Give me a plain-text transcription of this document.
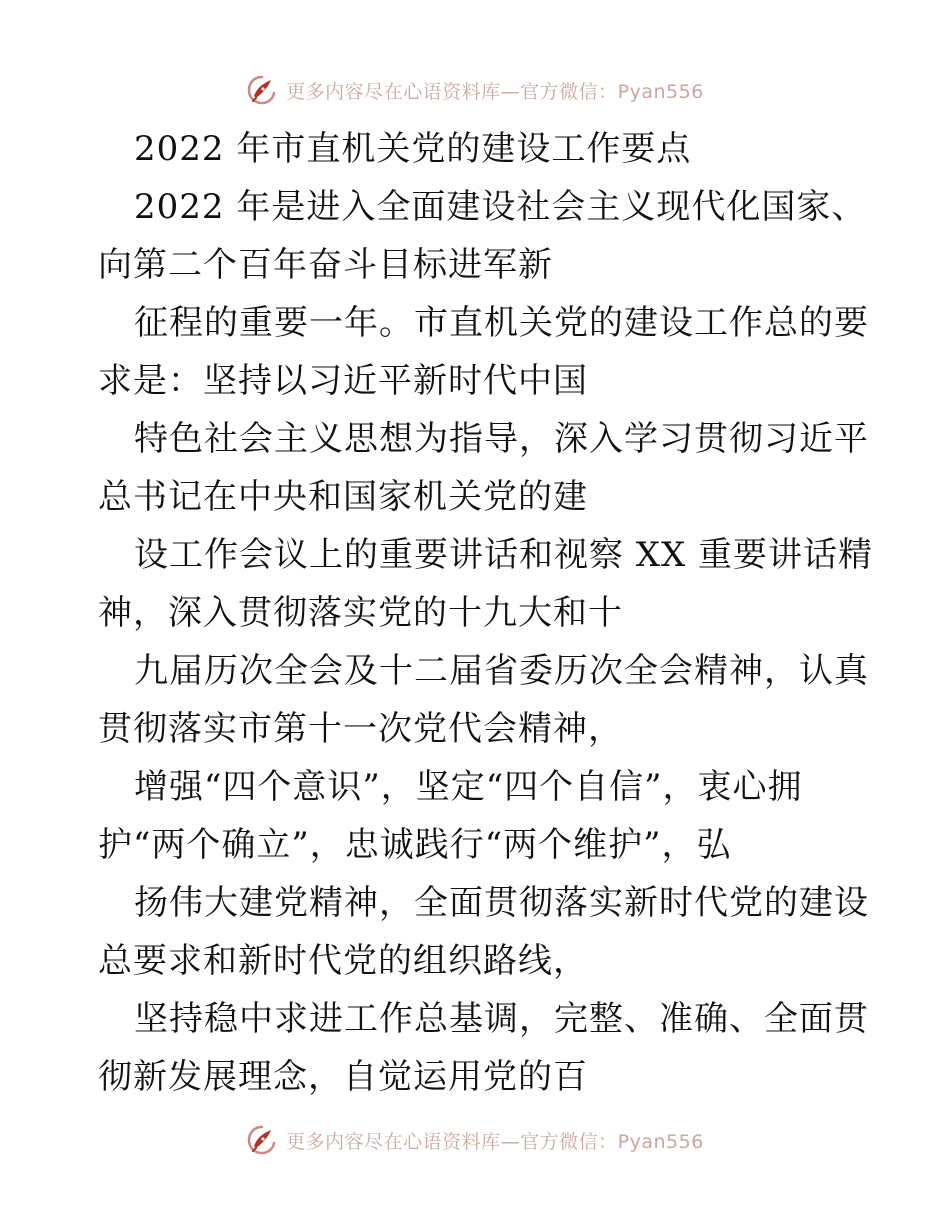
更多内容尽在心语资料库—官方微信：Pyan556
2022 年市直机关党的建设工作要点
2022 年是进入全面建设社会主义现代化国家、
向第二个百年奋斗目标进军新
征程的重要一年。市直机关党的建设工作总的要
求是：坚持以习近平新时代中国
特色社会主义思想为指导，深入学习贯彻习近平
总书记在中央和国家机关党的建
设工作会议上的重要讲话和视察 XX 重要讲话精
神，深入贯彻落实党的十九大和十
九届历次全会及十二届省委历次全会精神，认真
贯彻落实市第十一次党代会精神，
增强“四个意识”，坚定“四个自信”，衷心拥
护“两个确立”，忠诚践行“两个维护”，弘
扬伟大建党精神，全面贯彻落实新时代党的建设
总要求和新时代党的组织路线，
坚持稳中求进工作总基调，完整、准确、全面贯
彻新发展理念，自觉运用党的百
更多内容尽在心语资料库—官方微信：Pyan556
